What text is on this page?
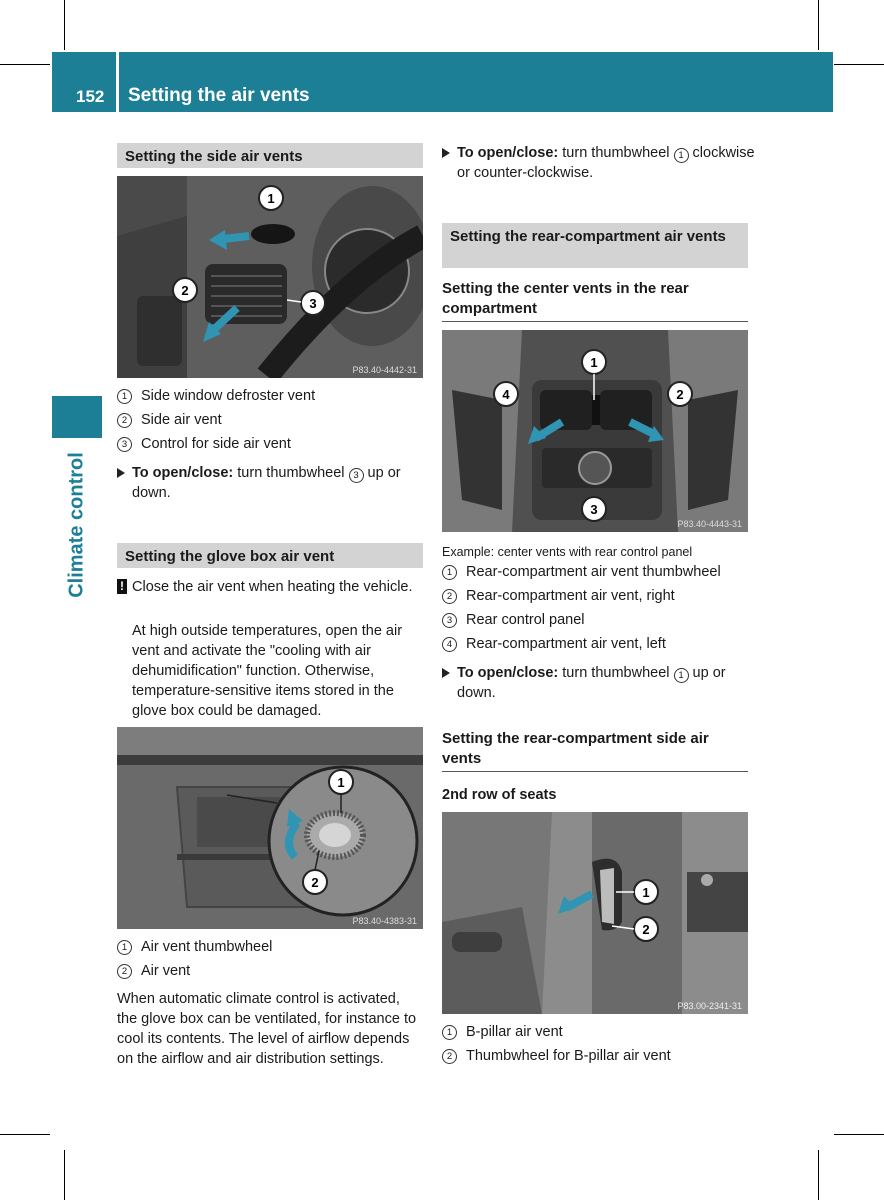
152 Setting the air vents
Climate control
Setting the side air vents
1
2
3
P83.40-4442-31
1 Side window defroster vent
2 Side air vent
3 Control for side air vent
To open/close: turn thumbwheel 3 up or down.
Setting the glove box air vent
! Close the air vent when heating the vehicle.
At high outside temperatures, open the air vent and activate the "cooling with air dehumidification" function. Otherwise, temperature-sensitive items stored in the glove box could be damaged.
1
2
P83.40-4383-31
1 Air vent thumbwheel
2 Air vent
When automatic climate control is activated, the glove box can be ventilated, for instance to cool its contents. The level of airflow depends on the airflow and air distribution settings.
To open/close: turn thumbwheel 1 clockwise or counter-clockwise.
Setting the rear-compartment air vents
Setting the center vents in the rear compartment
1
2
4
3
P83.40-4443-31
Example: center vents with rear control panel
1 Rear-compartment air vent thumbwheel
2 Rear-compartment air vent, right
3 Rear control panel
4 Rear-compartment air vent, left
To open/close: turn thumbwheel 1 up or down.
Setting the rear-compartment side air vents
2nd row of seats
1
2
P83.00-2341-31
1 B-pillar air vent
2 Thumbwheel for B-pillar air vent
